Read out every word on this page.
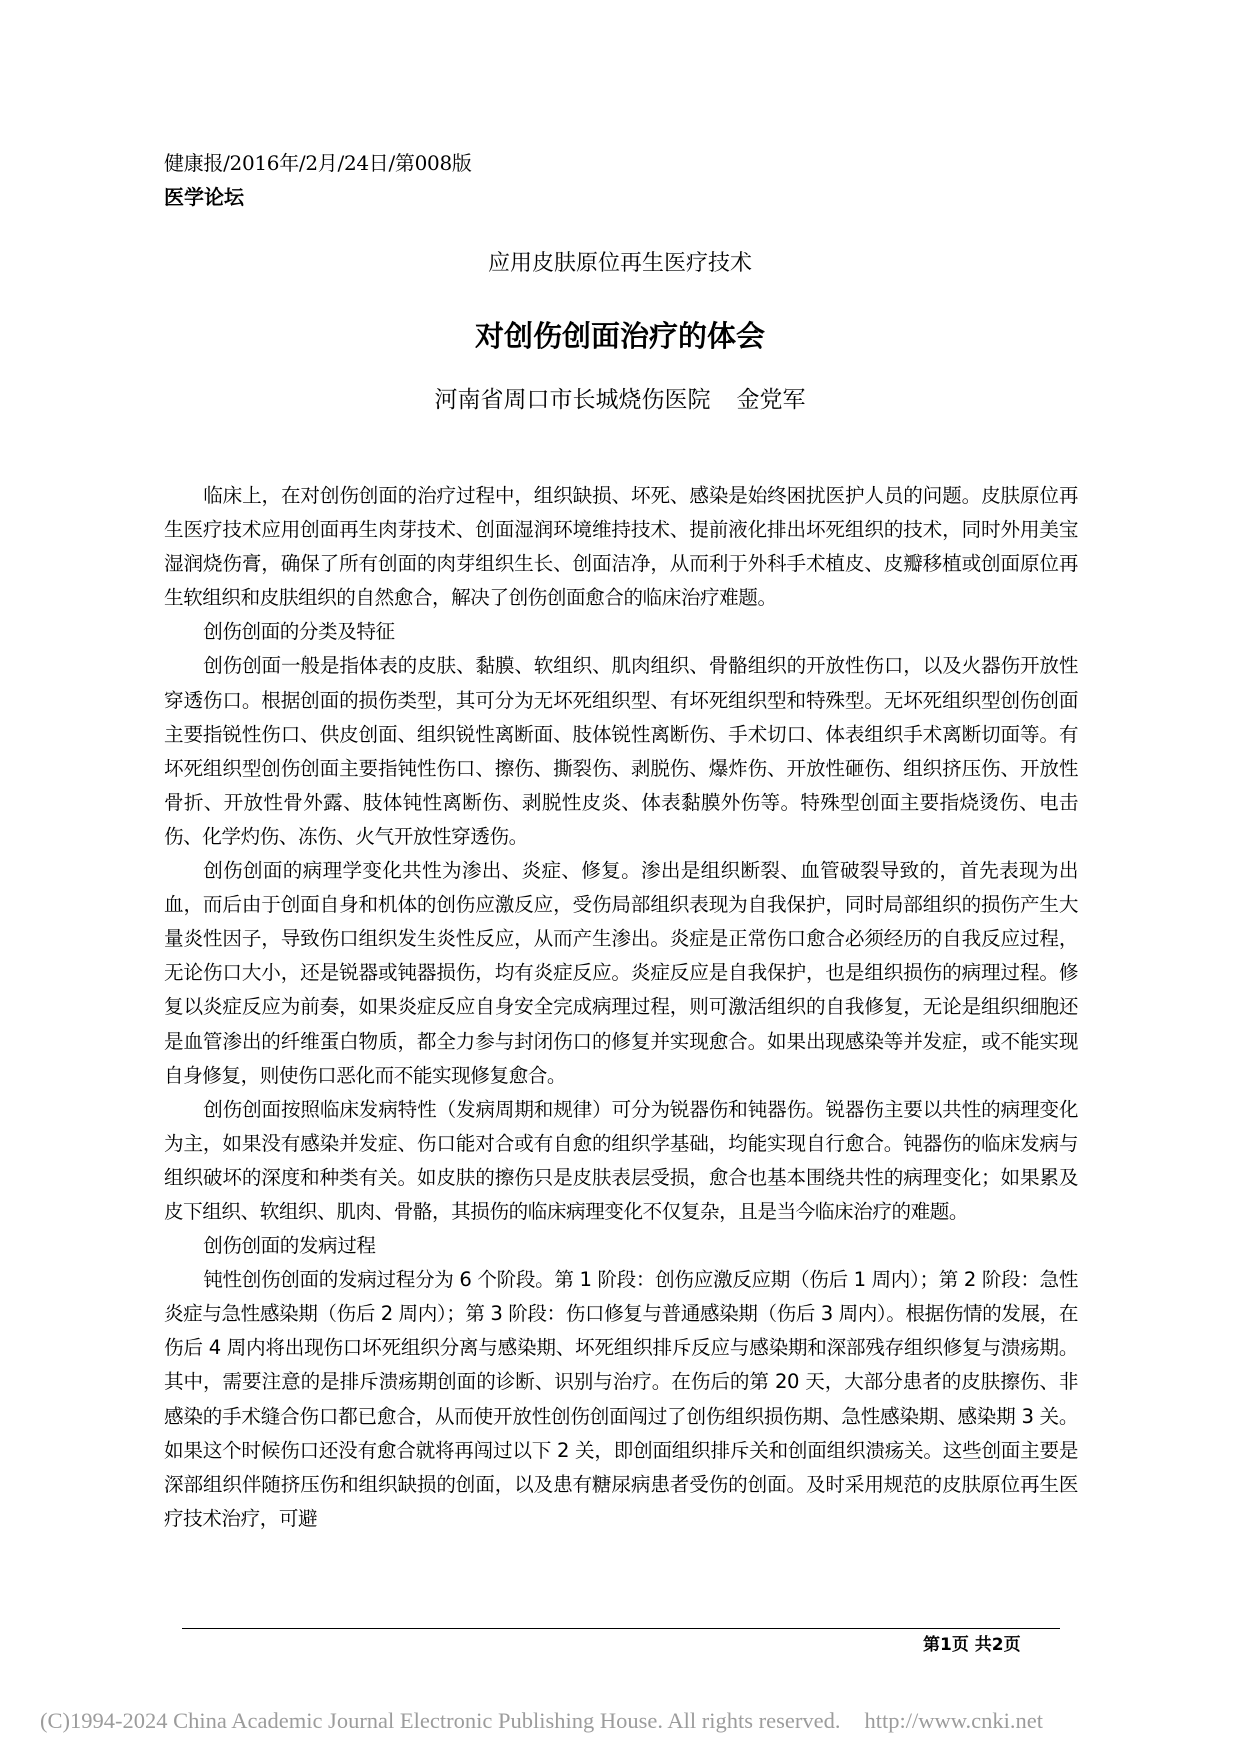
健康报/2016年/2月/24日/第008版
医学论坛
应用皮肤原位再生医疗技术
对创伤创面治疗的体会
河南省周口市长城烧伤医院 金党军

临床上，在对创伤创面的治疗过程中，组织缺损、坏死、感染是始终困扰医护人员的问题。皮肤原位再生医疗技术应用创面再生肉芽技术、创面湿润环境维持技术、提前液化排出坏死组织的技术，同时外用美宝湿润烧伤膏，确保了所有创面的肉芽组织生长、创面洁净，从而利于外科手术植皮、皮瓣移植或创面原位再生软组织和皮肤组织的自然愈合，解决了创伤创面愈合的临床治疗难题。

创伤创面的分类及特征

创伤创面一般是指体表的皮肤、黏膜、软组织、肌肉组织、骨骼组织的开放性伤口，以及火器伤开放性穿透伤口。根据创面的损伤类型，其可分为无坏死组织型、有坏死组织型和特殊型。无坏死组织型创伤创面主要指锐性伤口、供皮创面、组织锐性离断面、肢体锐性离断伤、手术切口、体表组织手术离断切面等。有坏死组织型创伤创面主要指钝性伤口、擦伤、撕裂伤、剥脱伤、爆炸伤、开放性砸伤、组织挤压伤、开放性骨折、开放性骨外露、肢体钝性离断伤、剥脱性皮炎、体表黏膜外伤等。特殊型创面主要指烧烫伤、电击伤、化学灼伤、冻伤、火气开放性穿透伤。

创伤创面的病理学变化共性为渗出、炎症、修复。渗出是组织断裂、血管破裂导致的，首先表现为出血，而后由于创面自身和机体的创伤应激反应，受伤局部组织表现为自我保护，同时局部组织的损伤产生大量炎性因子，导致伤口组织发生炎性反应，从而产生渗出。炎症是正常伤口愈合必须经历的自我反应过程，无论伤口大小，还是锐器或钝器损伤，均有炎症反应。炎症反应是自我保护，也是组织损伤的病理过程。修复以炎症反应为前奏，如果炎症反应自身安全完成病理过程，则可激活组织的自我修复，无论是组织细胞还是血管渗出的纤维蛋白物质，都全力参与封闭伤口的修复并实现愈合。如果出现感染等并发症，或不能实现自身修复，则使伤口恶化而不能实现修复愈合。

创伤创面按照临床发病特性（发病周期和规律）可分为锐器伤和钝器伤。锐器伤主要以共性的病理变化为主，如果没有感染并发症、伤口能对合或有自愈的组织学基础，均能实现自行愈合。钝器伤的临床发病与组织破坏的深度和种类有关。如皮肤的擦伤只是皮肤表层受损，愈合也基本围绕共性的病理变化；如果累及皮下组织、软组织、肌肉、骨骼，其损伤的临床病理变化不仅复杂，且是当今临床治疗的难题。

创伤创面的发病过程

钝性创伤创面的发病过程分为 6 个阶段。第 1 阶段：创伤应激反应期（伤后 1 周内）；第 2 阶段：急性炎症与急性感染期（伤后 2 周内）；第 3 阶段：伤口修复与普通感染期（伤后 3 周内）。根据伤情的发展，在伤后 4 周内将出现伤口坏死组织分离与感染期、坏死组织排斥反应与感染期和深部残存组织修复与溃疡期。其中，需要注意的是排斥溃疡期创面的诊断、识别与治疗。在伤后的第 20 天，大部分患者的皮肤擦伤、非感染的手术缝合伤口都已愈合，从而使开放性创伤创面闯过了创伤组织损伤期、急性感染期、感染期 3 关。如果这个时候伤口还没有愈合就将再闯过以下 2 关，即创面组织排斥关和创面组织溃疡关。这些创面主要是深部组织伴随挤压伤和组织缺损的创面，以及患有糖尿病患者受伤的创面。及时采用规范的皮肤原位再生医疗技术治疗，可避

第1页 共2页
(C)1994-2024 China Academic Journal Electronic Publishing House. All rights reserved. http://www.cnki.net
